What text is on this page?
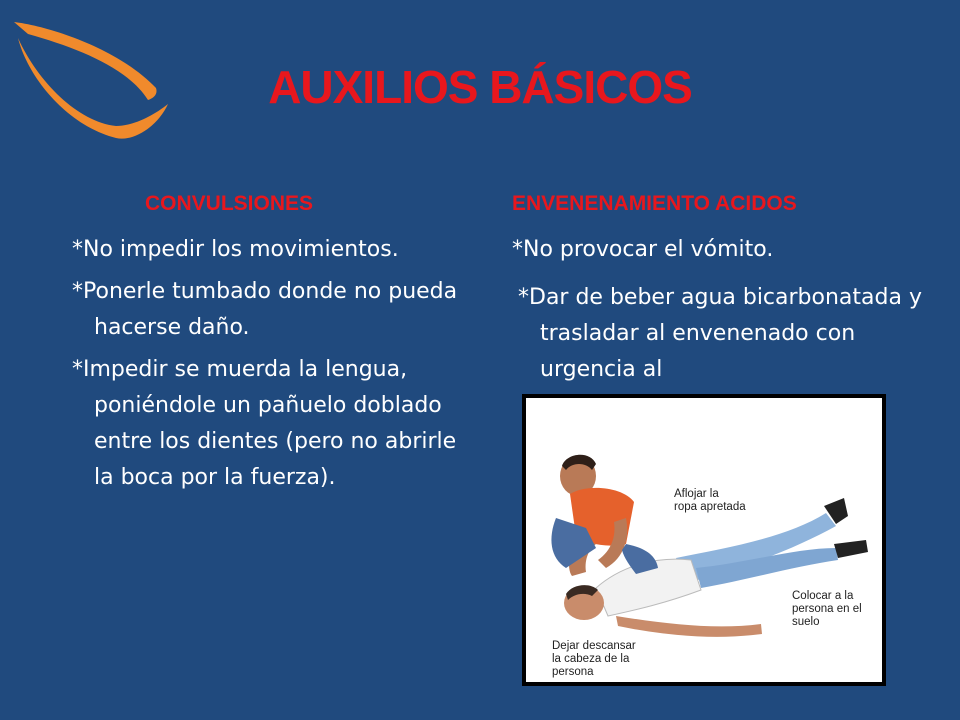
AUXILIOS BÁSICOS
CONVULSIONES	ENVENENAMIENTO ACIDOS

*No impedir los movimientos.

*Ponerle tumbado donde no pueda hacerse daño.

*Impedir se muerda la lengua, poniéndole un pañuelo doblado entre los dientes (pero no abrirle la boca por la fuerza).

*No provocar el vómito.

*Dar de beber agua bicarbonatada y trasladar al envenenado con urgencia al

Aflojar la
ropa apretada
Colocar a la
persona en el
suelo
Dejar descansar
la cabeza de la
persona
